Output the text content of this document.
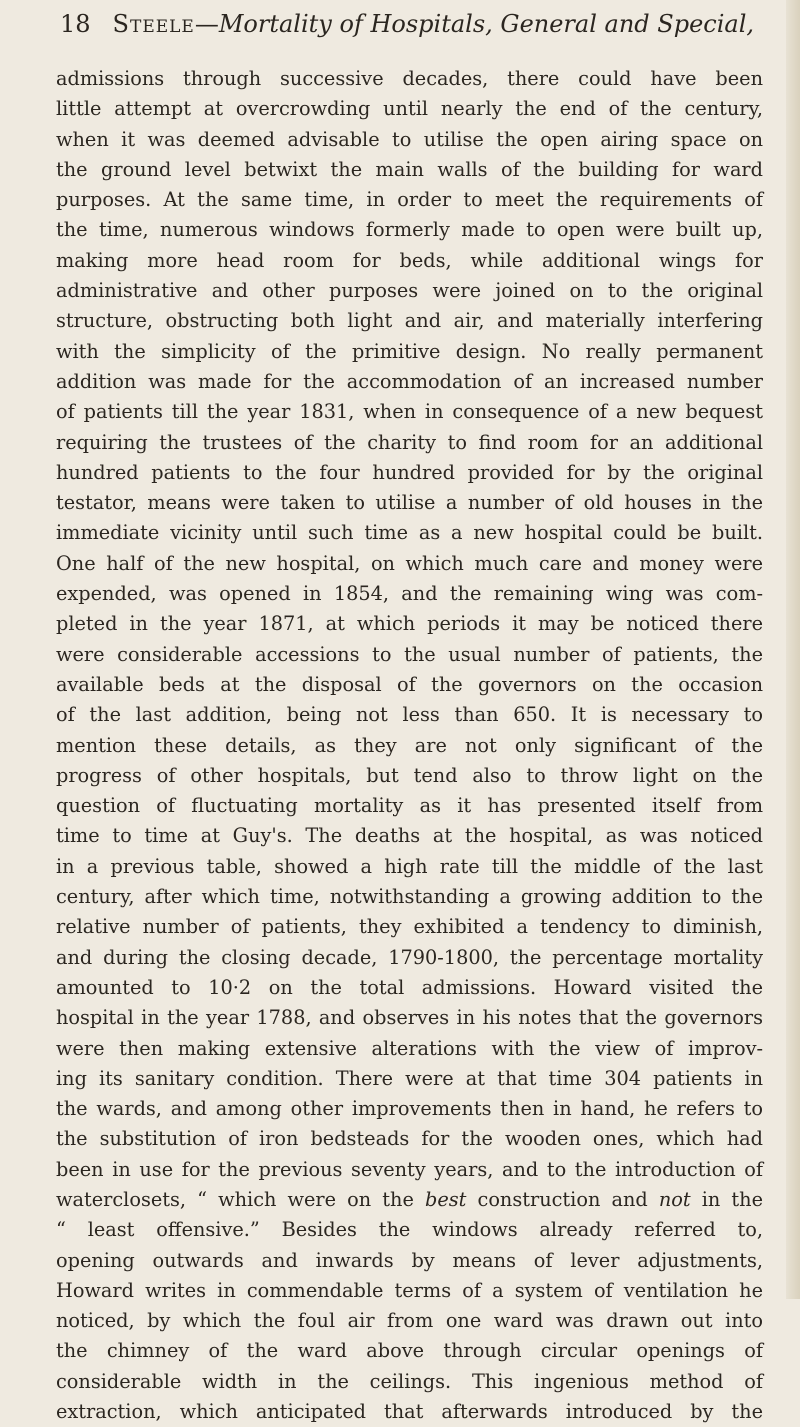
18 Steele—Mortality of Hospitals, General and Special,
admissions through successive decades, there could have been
little attempt at overcrowding until nearly the end of the century,
when it was deemed advisable to utilise the open airing space on
the ground level betwixt the main walls of the building for ward
purposes. At the same time, in order to meet the requirements of
the time, numerous windows formerly made to open were built up,
making more head room for beds, while additional wings for
administrative and other purposes were joined on to the original
structure, obstructing both light and air, and materially interfering
with the simplicity of the primitive design. No really permanent
addition was made for the accommodation of an increased number
of patients till the year 1831, when in consequence of a new bequest
requiring the trustees of the charity to find room for an additional
hundred patients to the four hundred provided for by the original
testator, means were taken to utilise a number of old houses in the
immediate vicinity until such time as a new hospital could be built.
One half of the new hospital, on which much care and money were
expended, was opened in 1854, and the remaining wing was com-
pleted in the year 1871, at which periods it may be noticed there
were considerable accessions to the usual number of patients, the
available beds at the disposal of the governors on the occasion
of the last addition, being not less than 650. It is necessary to
mention these details, as they are not only significant of the
progress of other hospitals, but tend also to throw light on the
question of fluctuating mortality as it has presented itself from
time to time at Guy's. The deaths at the hospital, as was noticed
in a previous table, showed a high rate till the middle of the last
century, after which time, notwithstanding a growing addition to the
relative number of patients, they exhibited a tendency to diminish,
and during the closing decade, 1790-1800, the percentage mortality
amounted to 10·2 on the total admissions. Howard visited the
hospital in the year 1788, and observes in his notes that the governors
were then making extensive alterations with the view of improv-
ing its sanitary condition. There were at that time 304 patients in
the wards, and among other improvements then in hand, he refers to
the substitution of iron bedsteads for the wooden ones, which had
been in use for the previous seventy years, and to the introduction of
waterclosets, “ which were on the best construction and not in the
“ least offensive.” Besides the windows already referred to,
opening outwards and inwards by means of lever adjustments,
Howard writes in commendable terms of a system of ventilation he
noticed, by which the foul air from one ward was drawn out into
the chimney of the ward above through circular openings of
considerable width in the ceilings. This ingenious method of
extraction, which anticipated that afterwards introduced by the
